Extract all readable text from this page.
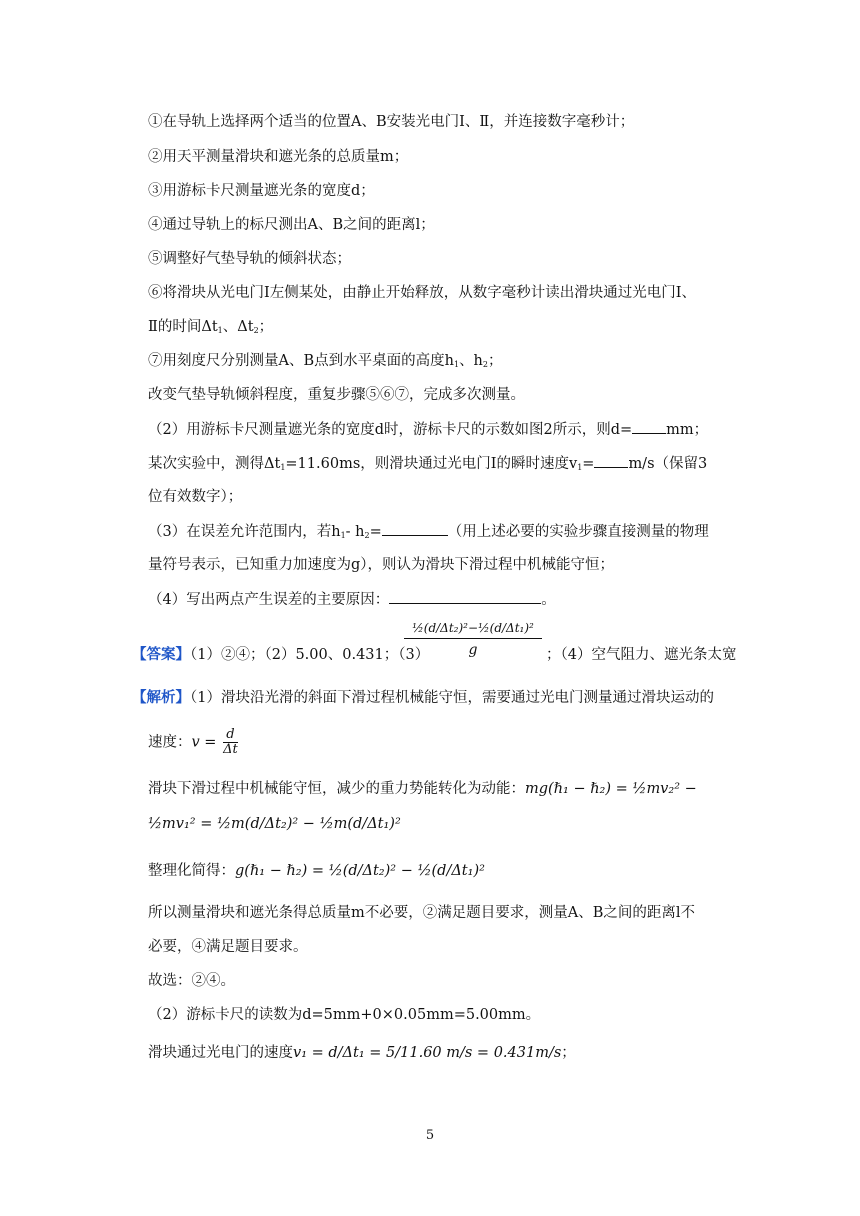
①在导轨上选择两个适当的位置A、B安装光电门Ⅰ、Ⅱ，并连接数字毫秒计；
②用天平测量滑块和遮光条的总质量m；
③用游标卡尺测量遮光条的宽度d；
④通过导轨上的标尺测出A、B之间的距离l；
⑤调整好气垫导轨的倾斜状态；
⑥将滑块从光电门Ⅰ左侧某处，由静止开始释放，从数字毫秒计读出滑块通过光电门Ⅰ、
Ⅱ的时间$\Delta t_1$、$\Delta t_2$；
⑦用刻度尺分别测量A、B点到水平桌面的高度$h_1$、$h_2$；
改变气垫导轨倾斜程度，重复步骤⑤⑥⑦，完成多次测量。
（2）用游标卡尺测量遮光条的宽度d时，游标卡尺的示数如图2所示，则d= mm；
某次实验中，测得$\Delta t_1=11.60ms$，则滑块通过光电门Ⅰ的瞬时速度$v_1= m/s$（保留3
位有效数字）；
（3）在误差允许范围内，若$h_1-$ $h_2=$	（用上述必要的实验步骤直接测量的物理
量符号表示，已知重力加速度为g），则认为滑块下滑过程中机械能守恒；
（4）写出两点产生误差的主要原因：	。
【答案】（1）②④；（2）5.00、0.431；（3）
$\frac{\text{½(d/Δt₂)²−½(d/Δt₁)²}}{g}$ ；（4）空气阻力、遮光条太宽
【解析】（1）滑块沿光滑的斜面下滑过程机械能守恒，需要通过光电门测量通过滑块运动的
速度：$v = \frac{d}{\Delta t}$
滑块下滑过程中机械能守恒，减少的重力势能转化为动能：mg(ℏ₁ − ℏ₂) = ½mv₂² −
½mv₁² = ½m(d/Δt₂)² − ½m(d/Δt₁)²
整理化简得：g(ℏ₁ − ℏ₂) = ½(d/Δt₂)² − ½(d/Δt₁)²
所以测量滑块和遮光条得总质量m不必要，②满足题目要求，测量A、B之间的距离l不
必要，④满足题目要求。
故选：②④。
（2）游标卡尺的读数为d=5mm+0×0.05mm=5.00mm。
滑块通过光电门的速度v₁ = d/Δt₁ = 5/11.60 m/s = 0.431m/s；
5
